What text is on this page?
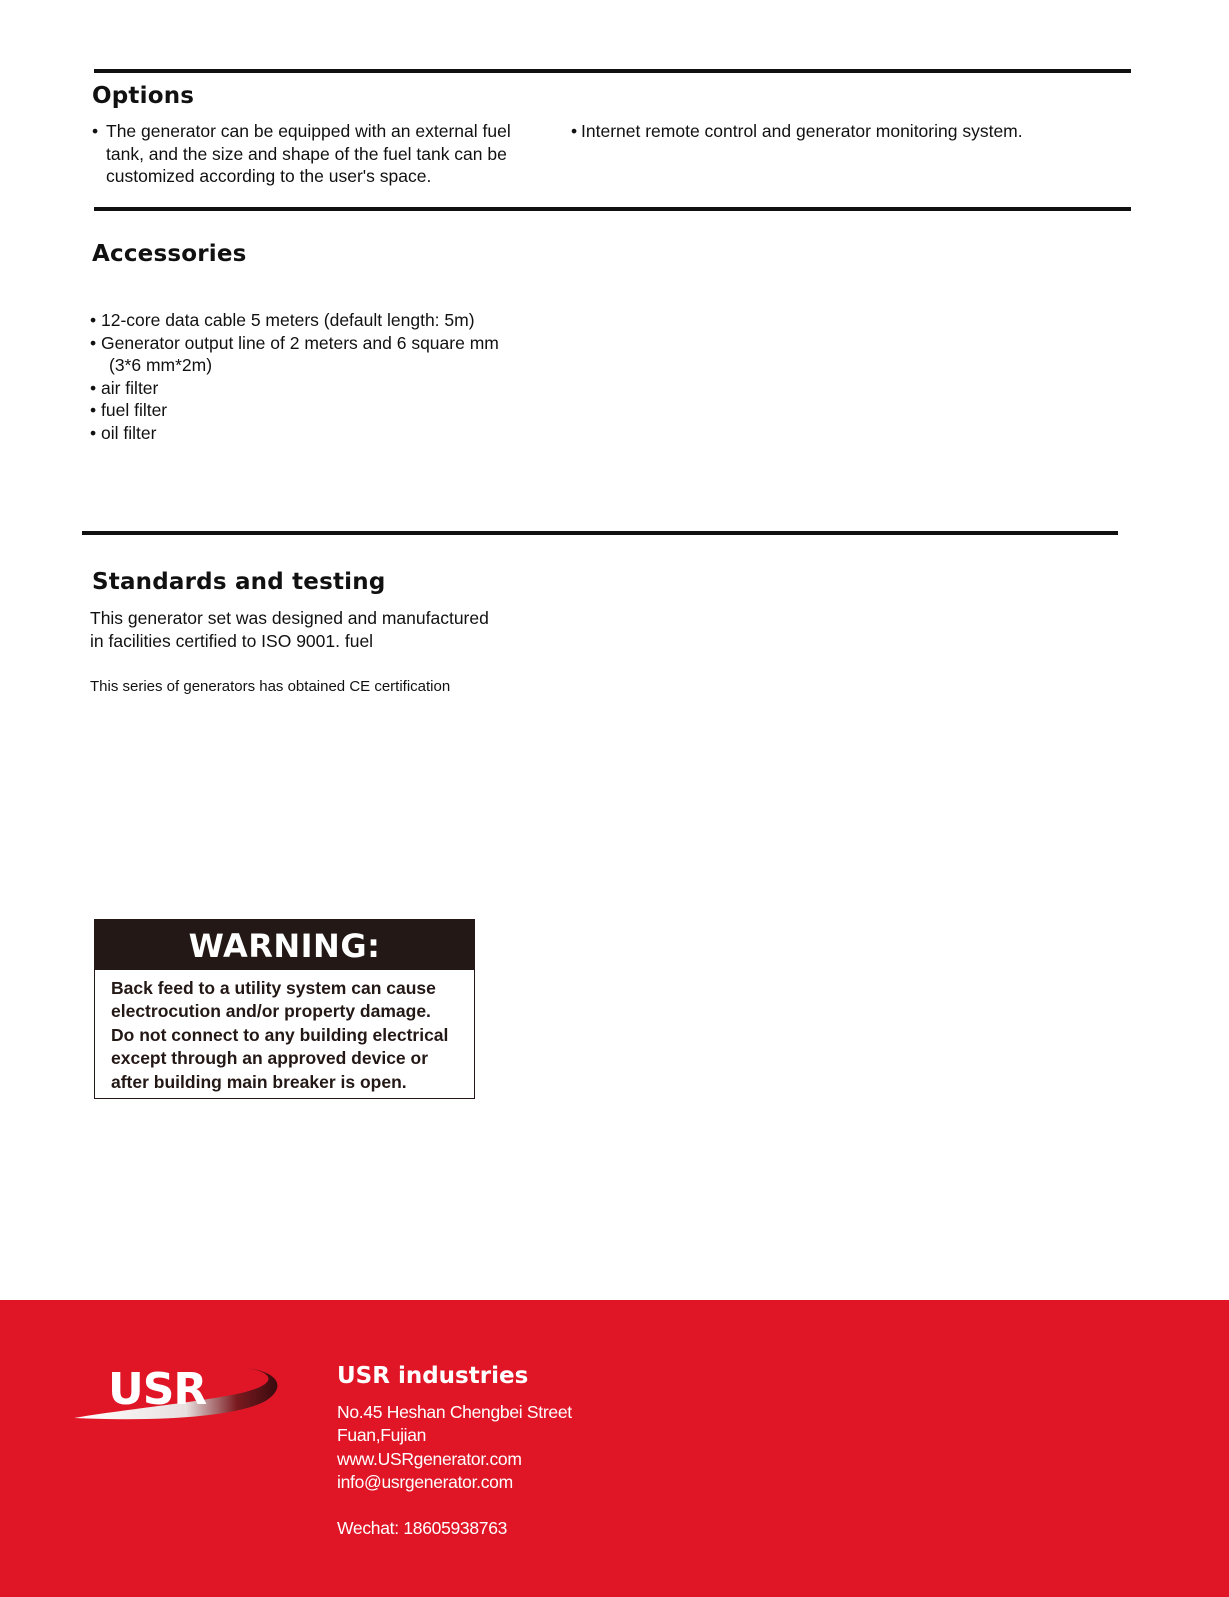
Options
• The generator can be equipped with an external fuel
tank, and the size and shape of the fuel tank can be
customized according to the user's space.
• Internet remote control and generator monitoring system.
Accessories
• 12-core data cable 5 meters (default length: 5m)
• Generator output line of 2 meters and 6 square mm
(3*6 mm*2m)
• air filter
• fuel filter
• oil filter
Standards and testing
This generator set was designed and manufactured
in facilities certified to ISO 9001. fuel
This series of generators has obtained CE certification
WARNING:
Back feed to a utility system can cause
electrocution and/or property damage.
Do not connect to any building electrical
except through an approved device or
after building main breaker is open.
USR	USR industries
No.45 Heshan Chengbei Street
Fuan,Fujian
www.USRgenerator.com
info@usrgenerator.com
Wechat: 18605938763
